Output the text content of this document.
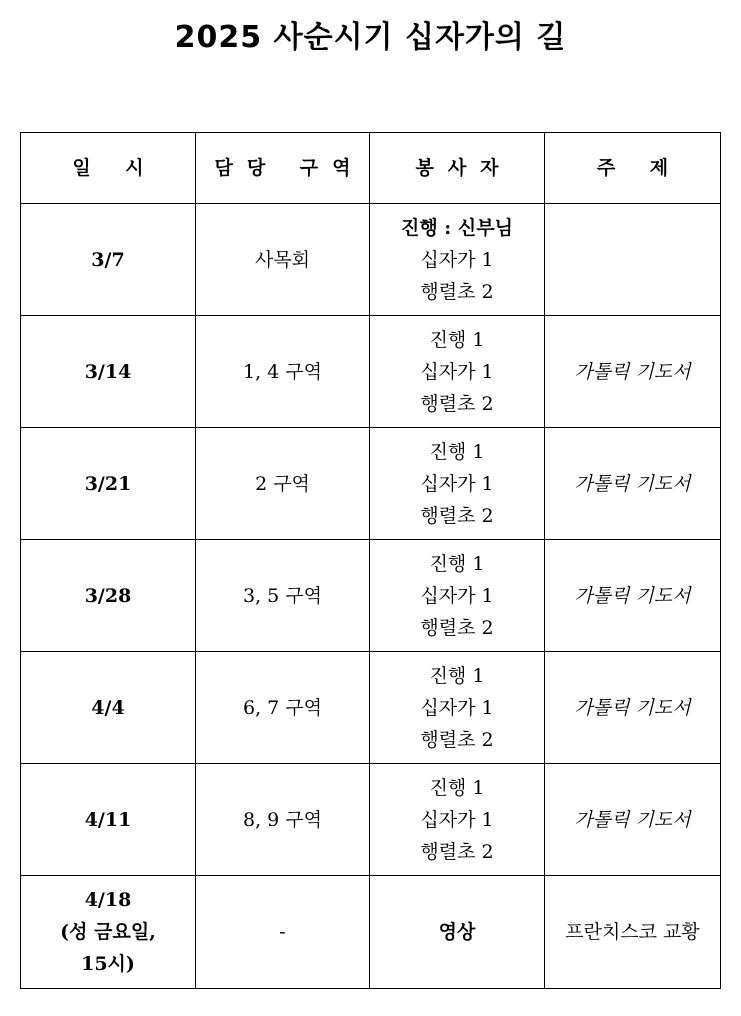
2025 사순시기 십자가의 길
일 시	담당 구역	봉사자	주 제

3/7	사목회	진행 : 신부님
십자가 1
행렬초 2	

3/14	1, 4 구역	진행 1
십자가 1
행렬초 2	가톨릭 기도서

3/21	2 구역	진행 1
십자가 1
행렬초 2	가톨릭 기도서

3/28	3, 5 구역	진행 1
십자가 1
행렬초 2	가톨릭 기도서

4/4	6, 7 구역	진행 1
십자가 1
행렬초 2	가톨릭 기도서

4/11	8, 9 구역	진행 1
십자가 1
행렬초 2	가톨릭 기도서

4/18
(성 금요일,
15시)	-	영상	프란치스코 교황
